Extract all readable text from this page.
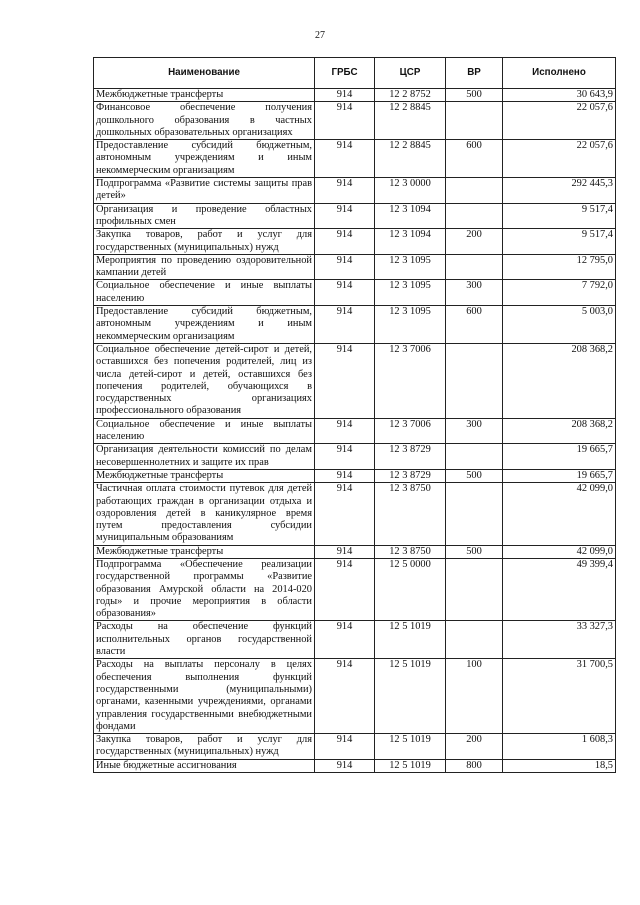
27
Наименование	ГРБС	ЦСР	ВР	Исполнено
Межбюджетные трансферты	914	12 2 8752	500	30 643,9
Финансовое обеспечение получения дошкольного образования в частных дошкольных образовательных организациях	914	12 2 8845		22 057,6
Предоставление субсидий бюджетным, автономным учреждениям и иным некоммерческим организациям	914	12 2 8845	600	22 057,6
Подпрограмма «Развитие системы защиты прав детей»	914	12 3 0000		292 445,3
Организация и проведение областных профильных смен	914	12 3 1094		9 517,4
Закупка товаров, работ и услуг для государственных (муниципальных) нужд	914	12 3 1094	200	9 517,4
Мероприятия по проведению оздоровительной кампании детей	914	12 3 1095		12 795,0
Социальное обеспечение и иные выплаты населению	914	12 3 1095	300	7 792,0
Предоставление субсидий бюджетным, автономным учреждениям и иным некоммерческим организациям	914	12 3 1095	600	5 003,0
Социальное обеспечение детей-сирот и детей, оставшихся без попечения родителей, лиц из числа детей-сирот и детей, оставшихся без попечения родителей, обучающихся в государственных организациях профессионального образования	914	12 3 7006		208 368,2
Социальное обеспечение и иные выплаты населению	914	12 3 7006	300	208 368,2
Организация деятельности комиссий по делам несовершеннолетних и защите их прав	914	12 3 8729		19 665,7
Межбюджетные трансферты	914	12 3 8729	500	19 665,7
Частичная оплата стоимости путевок для детей работающих граждан в организации отдыха и оздоровления детей в каникулярное время путем предоставления субсидии муниципальным образованиям	914	12 3 8750		42 099,0
Межбюджетные трансферты	914	12 3 8750	500	42 099,0
Подпрограмма «Обеспечение реализации государственной программы «Развитие образования Амурской области на 2014-020 годы» и прочие мероприятия в области образования»	914	12 5 0000		49 399,4
Расходы на обеспечение функций исполнительных органов государственной власти	914	12 5 1019		33 327,3
Расходы на выплаты персоналу в целях обеспечения выполнения функций государственными (муниципальными) органами, казенными учреждениями, органами управления государственными внебюджетными фондами	914	12 5 1019	100	31 700,5
Закупка товаров, работ и услуг для государственных (муниципальных) нужд	914	12 5 1019	200	1 608,3
Иные бюджетные ассигнования	914	12 5 1019	800	18,5
